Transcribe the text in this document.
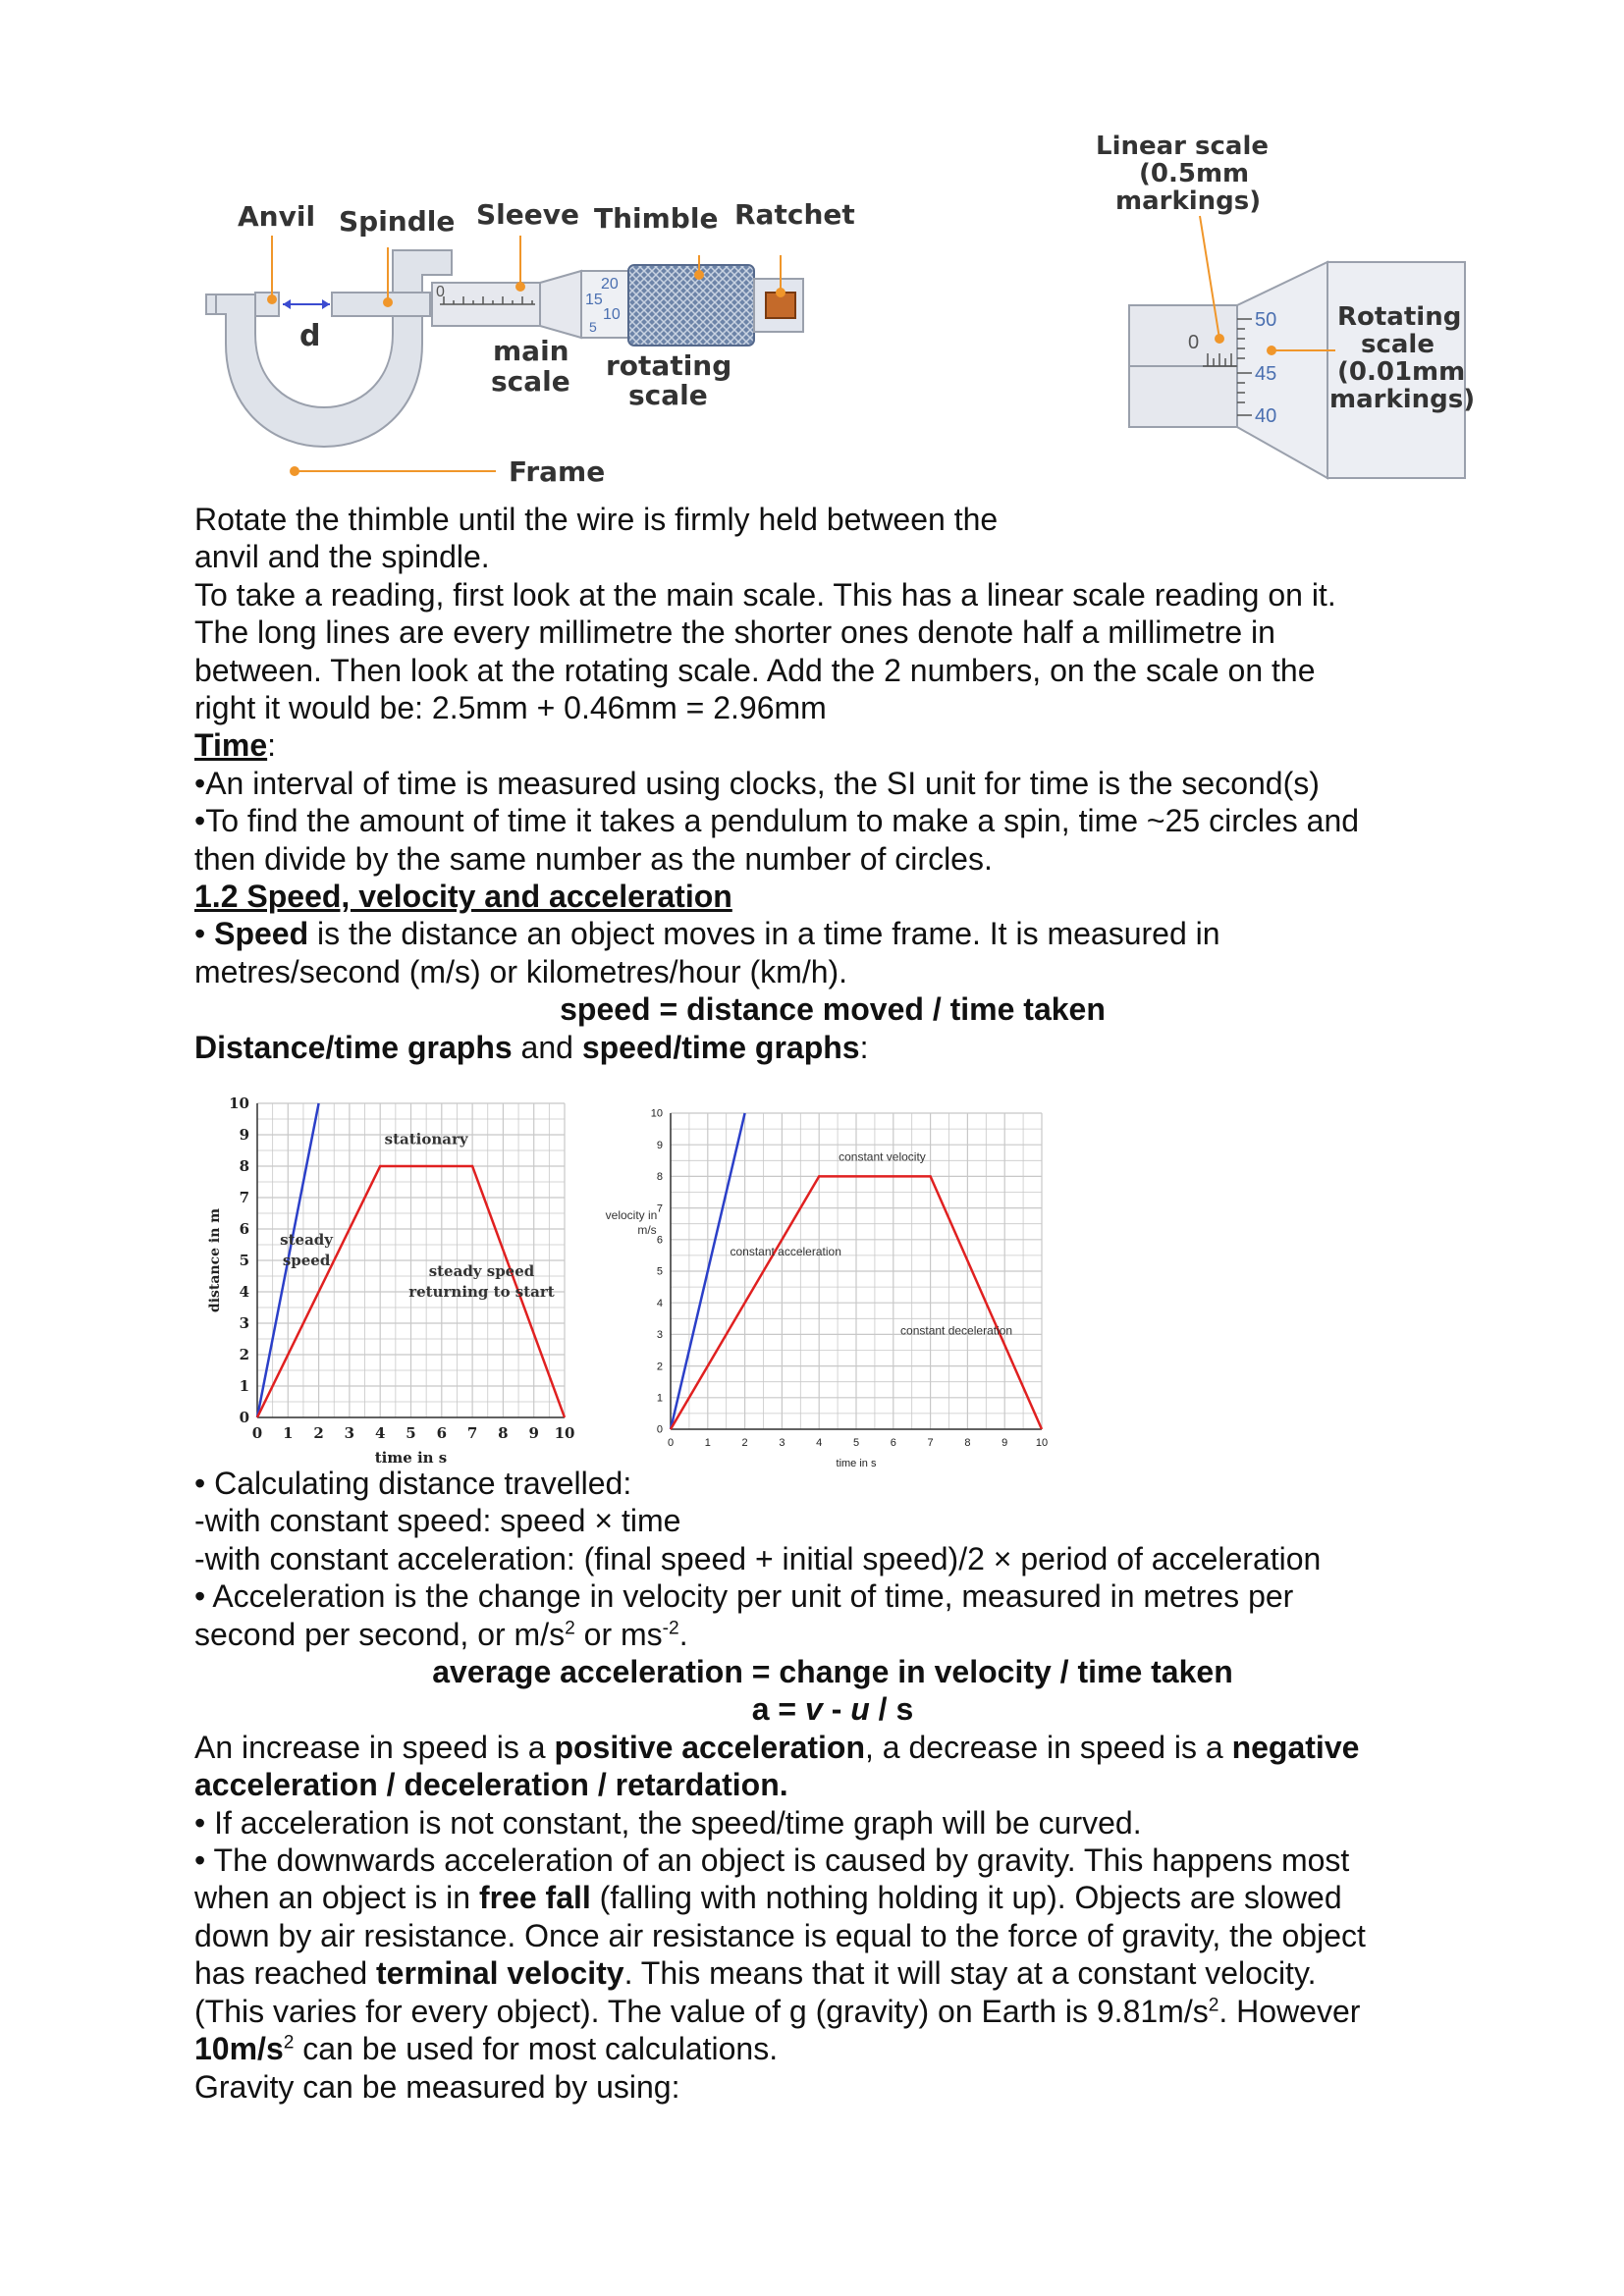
0	20
15
10
5
Anvil Spindle Sleeve Thimble Ratchet
d	main
scale rotating
scale
Frame
0
50
45
40
Linear scale
(0.5mm
markings)
Rotating
scale
(0.01mm
markings)
Rotate the thimble until the wire is firmly held between the
anvil and the spindle.
To take a reading, first look at the main scale. This has a linear scale reading on it.
The long lines are every millimetre the shorter ones denote half a millimetre in
between. Then look at the rotating scale. Add the 2 numbers, on the scale on the
right it would be: 2.5mm + 0.46mm = 2.96mm
Time:
•An interval of time is measured using clocks, the SI unit for time is the second(s)
•To find the amount of time it takes a pendulum to make a spin, time ~25 circles and
then divide by the same number as the number of circles.
1.2 Speed, velocity and acceleration
• Speed is the distance an object moves in a time frame. It is measured in
metres/second (m/s) or kilometres/hour (km/h).
speed = distance moved / time taken
Distance/time graphs and speed/time graphs:
0 1 2 3 4 5 6 7 8 9 10
0
1
2
3
4
5
6
7
8
9
10
stationary
steady
speed
steady speed
returning to start
time in s
distance in m
0	1	2	3	4	5	6	7	8	9	10
0
1
2
3
4
5
6
7
8
9
10
constant velocity
constant acceleration
constant deceleration
time in s
velocity in
m/s
• Calculating distance travelled:
-with constant speed: speed × time
-with constant acceleration: (final speed + initial speed)/2 × period of acceleration
• Acceleration is the change in velocity per unit of time, measured in metres per
second per second, or $m/s^2$ or $ms^{-2}$.
average acceleration = change in velocity / time taken
a = v - u / s
An increase in speed is a positive acceleration, a decrease in speed is a negative
acceleration / deceleration / retardation.
• If acceleration is not constant, the speed/time graph will be curved.
• The downwards acceleration of an object is caused by gravity. This happens most
when an object is in free fall (falling with nothing holding it up). Objects are slowed
down by air resistance. Once air resistance is equal to the force of gravity, the object
has reached terminal velocity. This means that it will stay at a constant velocity.
(This varies for every object). The value of g (gravity) on Earth is $9.81m/s^2$. However
$10m/s^2$ can be used for most calculations.
Gravity can be measured by using:
